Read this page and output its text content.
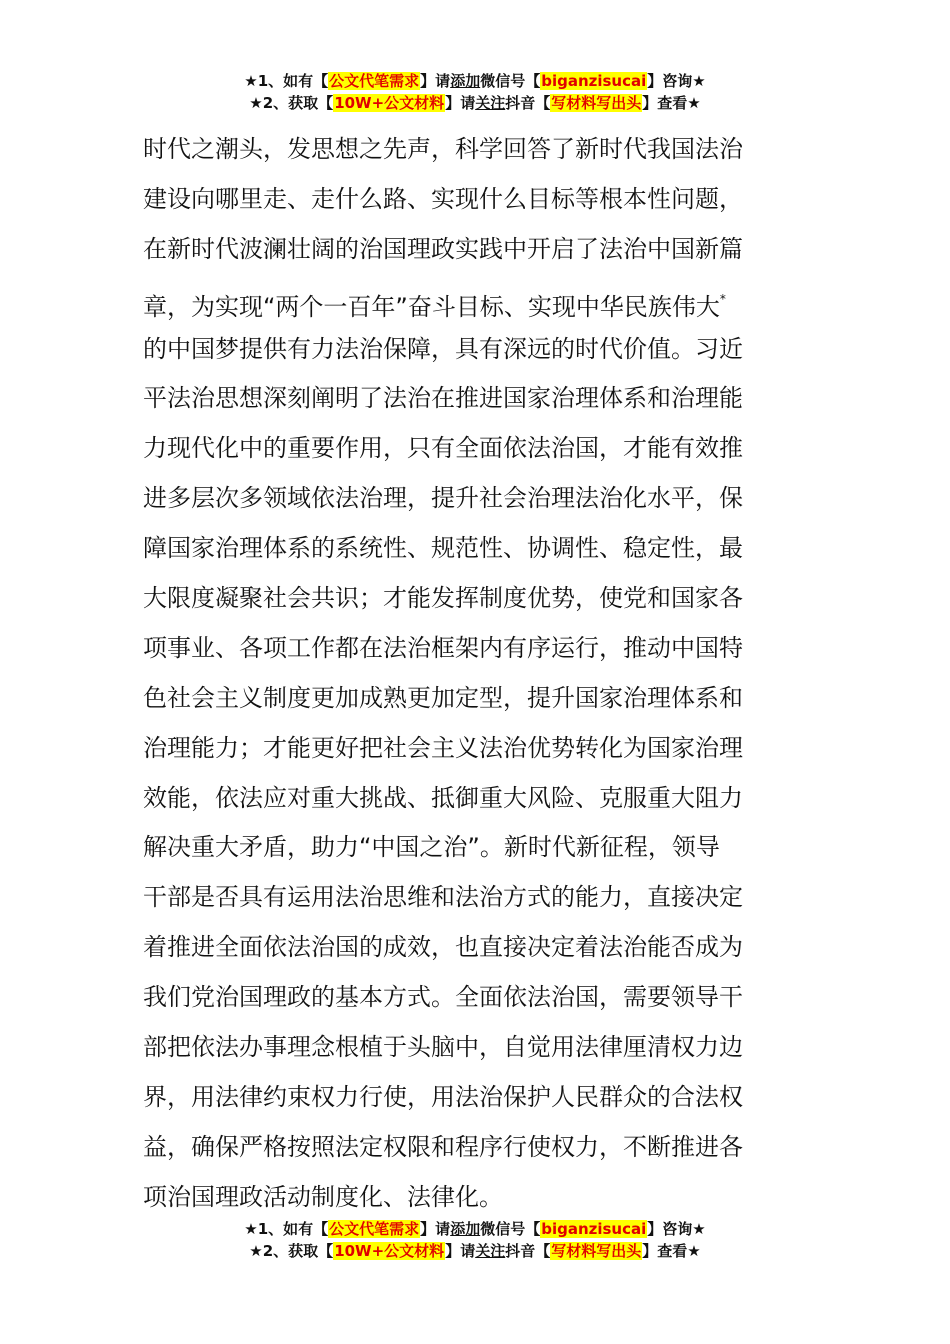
★1、如有【公文代笔需求】请添加微信号【biganzisucai】咨询★
★2、获取【10W+公文材料】请关注抖音【写材料写出头】查看★
时代之潮头，发思想之先声，科学回答了新时代我国法治
建设向哪里走、走什么路、实现什么目标等根本性问题，
在新时代波澜壮阔的治国理政实践中开启了法治中国新篇
章，为实现“两个一百年”奋斗目标、实现中华民族伟大*
的中国梦提供有力法治保障，具有深远的时代价值。习近
平法治思想深刻阐明了法治在推进国家治理体系和治理能
力现代化中的重要作用，只有全面依法治国，才能有效推
进多层次多领域依法治理，提升社会治理法治化水平，保
障国家治理体系的系统性、规范性、协调性、稳定性，最
大限度凝聚社会共识；才能发挥制度优势，使党和国家各
项事业、各项工作都在法治框架内有序运行，推动中国特
色社会主义制度更加成熟更加定型，提升国家治理体系和
治理能力；才能更好把社会主义法治优势转化为国家治理
效能，依法应对重大挑战、抵御重大风险、克服重大阻力
解决重大矛盾，助力“中国之治”。新时代新征程，领导
干部是否具有运用法治思维和法治方式的能力，直接决定
着推进全面依法治国的成效，也直接决定着法治能否成为
我们党治国理政的基本方式。全面依法治国，需要领导干
部把依法办事理念根植于头脑中，自觉用法律厘清权力边
界，用法律约束权力行使，用法治保护人民群众的合法权
益，确保严格按照法定权限和程序行使权力，不断推进各
项治国理政活动制度化、法律化。
★1、如有【公文代笔需求】请添加微信号【biganzisucai】咨询★
★2、获取【10W+公文材料】请关注抖音【写材料写出头】查看★
